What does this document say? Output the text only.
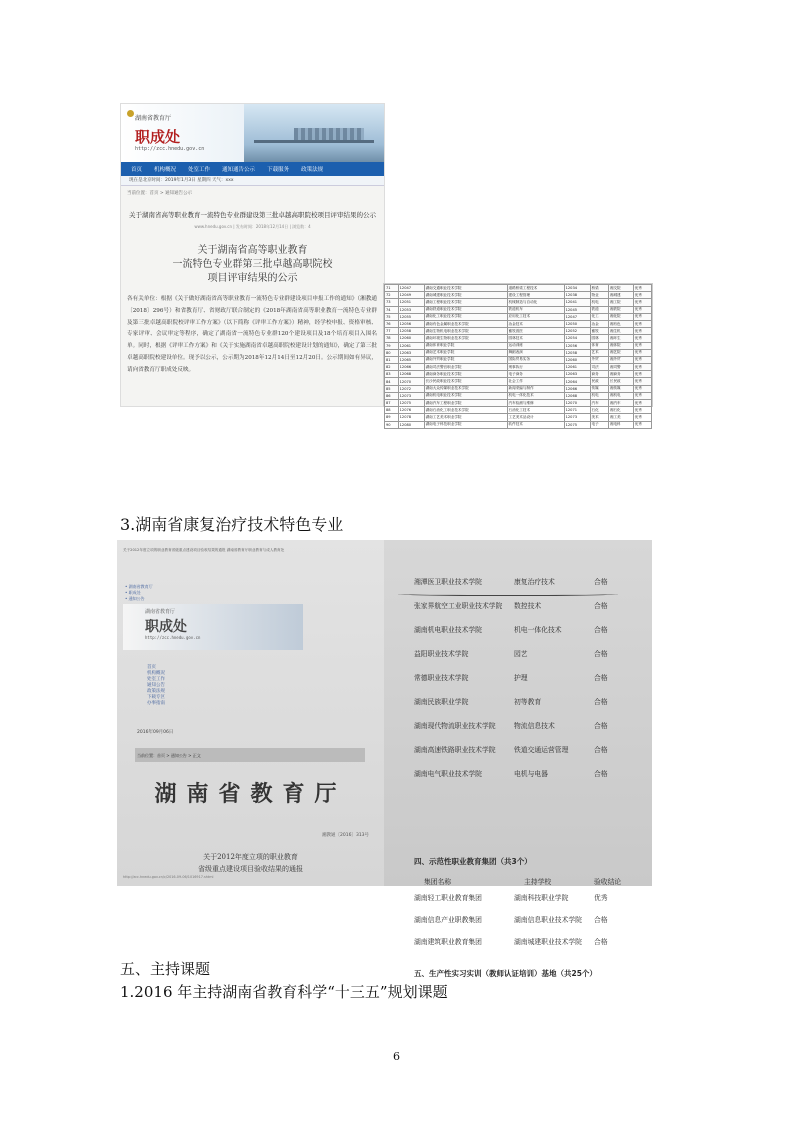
湖南省教育厅
职成处
http://zcc.hnedu.gov.cn
首页 机构概况 处室工作 通知通告公示 下载服务 政策法规
现在是北京时间：2019年1月3日 星期四 天气：xxx
当前位置：首页 > 通知通告公示
关于湖南省高等职业教育一流特色专业群建设第三批卓越高职院校项目评审结果的公示
www.hnedu.gov.cn | 发布时间：2018年12月14日 | 浏览数：4
关于湖南省高等职业教育
一流特色专业群第三批卓越高职院校
项目评审结果的公示
各有关单位：根据《关于做好湖南省高等职业教育一流特色专业群建设项目申报工作的通知》（湘教通〔2018〕296号）和省教育厅、省财政厅联合制定的《2018年湖南省高等职业教育一流特色专业群及第三批卓越高职院校评审工作方案》（以下简称《评审工作方案》）精神，经学校申报、资格审核、专家评审、会议审定等程序，确定了湖南省一流特色专业群120个建设项目及18个培育项目入围名单。同时，根据《评审工作方案》和《关于实施湖南省卓越高职院校建设计划的通知》，确定了第三批卓越高职院校建设单位。现予以公示，公示期为2018年12月14日至12月20日。公示期间如有异议，请向省教育厅职成处反映。
71	12047	湖南交通职业技术学院	道路桥梁工程技术	12034	桥梁	湘交院	优秀
72	12049	湖南城建职业技术学院	建设工程管理	12038	物业	湘城建	优秀
73	12051	湖南工程职业技术学院	机械制造与自动化	12041	机电	湘工院	优秀
74	12053	湖南铁道职业技术学院	铁道机车	12045	铁道	湘铁院	优秀
75	12055	湖南化工职业技术学院	应用化工技术	12047	化工	湘化院	优秀
76	12056	湖南有色金属职业技术学院	冶金技术	12050	冶金	湘有色	优秀
77	12058	湖南生物机电职业技术学院	畜牧兽医	12052	畜牧	湘生机	优秀
78	12060	湖南环境生物职业技术学院	园林技术	12054	园林	湘环生	优秀
79	12061	湖南体育职业学院	运动训练	12056	体育	湘体院	优秀
80	12063	湖南艺术职业学院	舞蹈表演	12058	艺术	湘艺院	优秀
81	12065	湖南外贸职业学院	国际贸易实务	12060	外贸	湘外贸	优秀
82	12066	湖南司法警官职业学院	刑事执行	12061	司法	湘司警	优秀
83	12068	湖南商务职业技术学院	电子商务	12063	商务	湘商务	优秀
84	12070	长沙民政职业技术学院	社会工作	12064	民政	长民政	优秀
85	12072	湖南大众传媒职业技术学院	新闻采编与制作	12066	传媒	湘传媒	优秀
86	12073	湖南机电职业技术学院	机电一体化技术	12068	机电	湘机电	优秀
87	12075	湖南汽车工程职业学院	汽车检测与维修	12070	汽车	湘汽车	优秀
88	12076	湖南石油化工职业技术学院	石油化工技术	12071	石化	湘石化	优秀
89	12078	湖南工艺美术职业学院	工艺美术品设计	12073	美术	湘工美	优秀
90	12080	湖南电子科技职业学院	软件技术	12075	电子	湘电科	优秀
3.湖南省康复治疗技术特色专业
关于2012年度立项的职业教育省级重点建设项目验收结果的通报 湖南省教育厅职业教育与成人教育处
• 湖南省教育厅
• 职成处
• 通知公告
湖南省教育厅
职成处
http://zcc.hnedu.gov.cn
首页
机构概况
处室工作
通知公告
政策法规
下载专区
办事指南
2016年09月06日
当前位置：首页 > 通知公告 > 正文
湖南省教育厅
湘教通〔2016〕313号
关于2012年度立项的职业教育
省级重点建设项目验收结果的通报
http://zcc.hnedu.gov.cn/c/2016-09-06/1016917.shtml
湘潭医卫职业技术学院	康复治疗技术	合格
张家界航空工业职业技术学院 数控技术	合格
湖南机电职业技术学院	机电一体化技术	合格
益阳职业技术学院	园艺	合格
常德职业技术学院	护理	合格
湖南民族职业学院	初等教育	合格
湖南现代物流职业技术学院	物流信息技术	合格
湖南高速铁路职业技术学院	铁道交通运营管理	合格
湖南电气职业技术学院	电机与电器	合格
四、示范性职业教育集团（共3个）
集团名称	主持学校	验收结论
湖南轻工职业教育集团	湖南科技职业学院	优秀
湖南信息产业职教集团	湖南信息职业技术学院 合格
湖南建筑职业教育集团	湖南城建职业技术学院 合格
五、生产性实习实训（教师认证培训）基地（共25个）
五、主持课题
1.2016 年主持湖南省教育科学“十三五”规划课题
6
